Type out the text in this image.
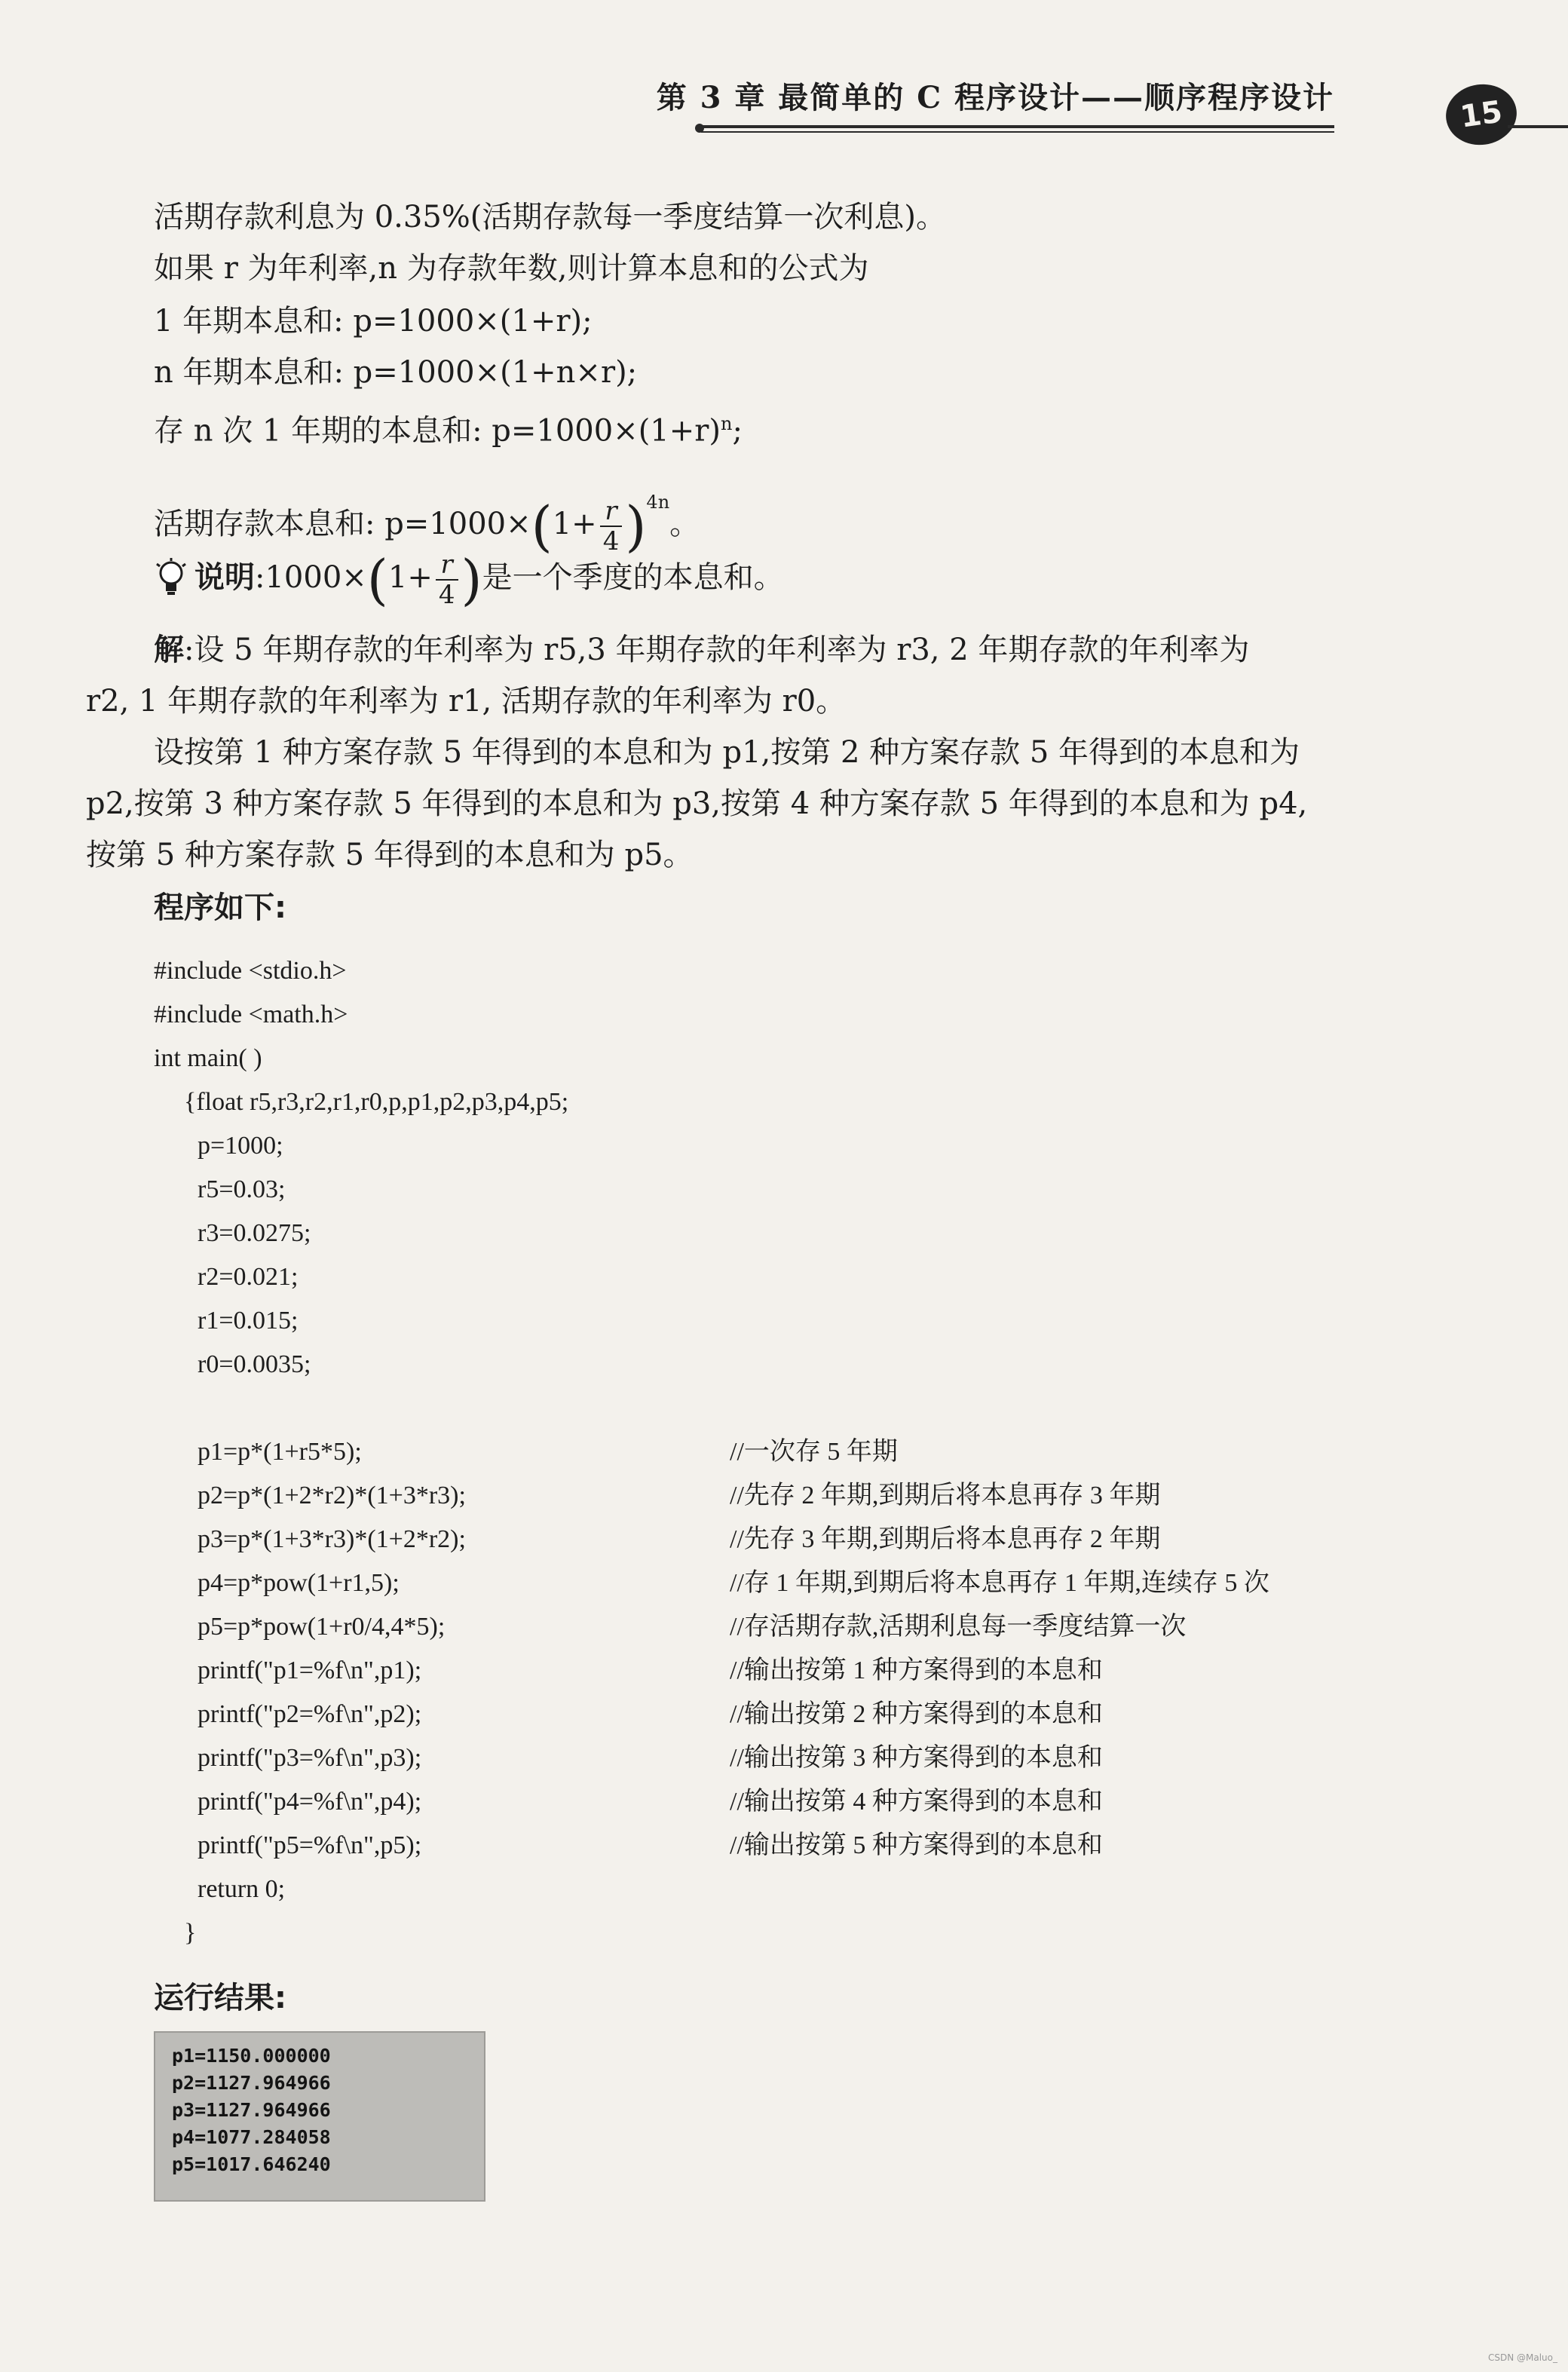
第 3 章 最简单的 C 程序设计——顺序程序设计	15
活期存款利息为 0.35%(活期存款每一季度结算一次利息)。
如果 r 为年利率,n 为存款年数,则计算本息和的公式为
1 年期本息和: p=1000×(1+r);
n 年期本息和: p=1000×(1+n×r);
存 n 次 1 年期的本息和: $p=1000\times(1+r)^n$;
活期存款本息和: $p=1000\times(1+ \frac{r}{4} )^{4n}$。
说明:1000×(1+ $\frac{r}{4}$ )是一个季度的本息和。
解:设 5 年期存款的年利率为 r5,3 年期存款的年利率为 r3, 2 年期存款的年利率为
r2, 1 年期存款的年利率为 r1, 活期存款的年利率为 r0。
设按第 1 种方案存款 5 年得到的本息和为 p1,按第 2 种方案存款 5 年得到的本息和为
p2,按第 3 种方案存款 5 年得到的本息和为 p3,按第 4 种方案存款 5 年得到的本息和为 p4,
按第 5 种方案存款 5 年得到的本息和为 p5。
程序如下:
#include <stdio.h>
#include <math.h>
int main( )
{float r5,r3,r2,r1,r0,p,p1,p2,p3,p4,p5;
p=1000;
r5=0.03;
r3=0.0275;
r2=0.021;
r1=0.015;
r0=0.0035;
p1=p*(1+r5*5);
p2=p*(1+2*r2)*(1+3*r3);
p3=p*(1+3*r3)*(1+2*r2);
p4=p*pow(1+r1,5);
p5=p*pow(1+r0/4,4*5);
printf("p1=%f\n",p1);
printf("p2=%f\n",p2);
printf("p3=%f\n",p3);
printf("p4=%f\n",p4);
printf("p5=%f\n",p5);
return 0;
}
//一次存 5 年期
//先存 2 年期,到期后将本息再存 3 年期
//先存 3 年期,到期后将本息再存 2 年期
//存 1 年期,到期后将本息再存 1 年期,连续存 5 次
//存活期存款,活期利息每一季度结算一次
//输出按第 1 种方案得到的本息和
//输出按第 2 种方案得到的本息和
//输出按第 3 种方案得到的本息和
//输出按第 4 种方案得到的本息和
//输出按第 5 种方案得到的本息和
运行结果:
p1=1150.000000
p2=1127.964966
p3=1127.964966
p4=1077.284058
p5=1017.646240
CSDN @Maluo_
